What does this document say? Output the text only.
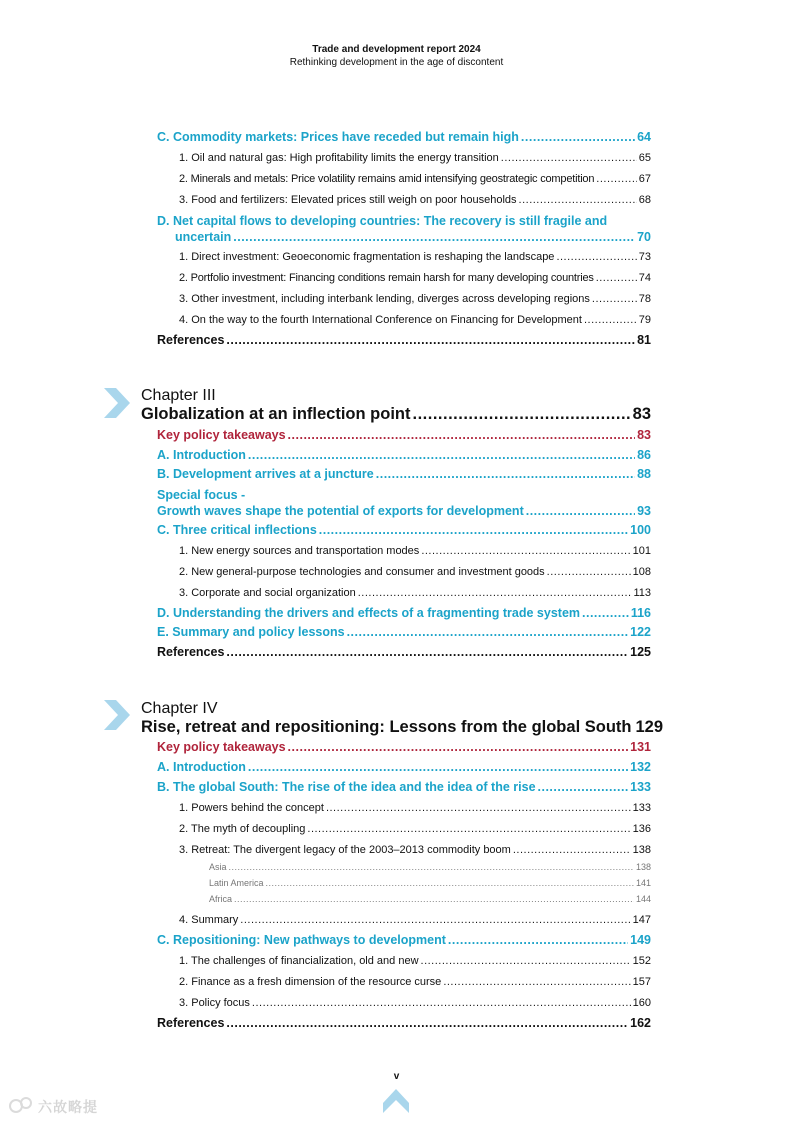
Trade and development report 2024
Rethinking development in the age of discontent
C. Commodity markets: Prices have receded but remain high .....	64
1. Oil and natural gas: High profitability limits the energy transition .....	65
2. Minerals and metals: Price volatility remains amid intensifying geostrategic competition .....	67
3. Food and fertilizers: Elevated prices still weigh on poor households .....	68
D. Net capital flows to developing countries: The recovery is still fragile and
uncertain .....	70
1. Direct investment: Geoeconomic fragmentation is reshaping the landscape .....	73
2. Portfolio investment: Financing conditions remain harsh for many developing countries .....	74
3. Other investment, including interbank lending, diverges across developing regions .....	78
4. On the way to the fourth International Conference on Financing for Development .....	79
References .....	81
Chapter III
Globalization at an inflection point .....	83
Key policy takeaways .....	83
A. Introduction .....	86
B. Development arrives at a juncture .....	88
Special focus -
Growth waves shape the potential of exports for development .....	93
C. Three critical inflections .....	100
1. New energy sources and transportation modes .....	101
2. New general-purpose technologies and consumer and investment goods .....	108
3. Corporate and social organization .....	113
D. Understanding the drivers and effects of a fragmenting trade system .....	116
E. Summary and policy lessons .....	122
References .....	125
Chapter IV
Rise, retreat and repositioning: Lessons from the global South 129
Key policy takeaways .....	131
A. Introduction .....	132
B. The global South: The rise of the idea and the idea of the rise .....	133
1. Powers behind the concept .....	133
2. The myth of decoupling .....	136
3. Retreat: The divergent legacy of the 2003–2013 commodity boom .....	138
Asia .....	138
Latin America .....	141
Africa .....	144
4. Summary .....	147
C. Repositioning: New pathways to development .....	149
1. The challenges of financialization, old and new .....	152
2. Finance as a fresh dimension of the resource curse .....	157
3. Policy focus .....	160
References .....	162
v
六故略提
